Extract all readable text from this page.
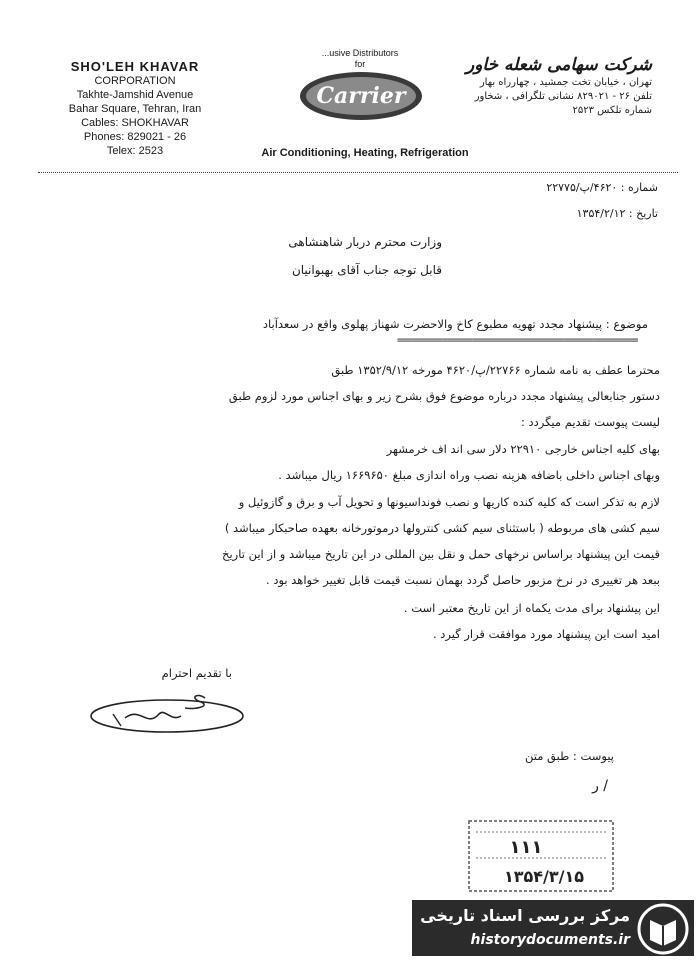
SHO'LEH KHAVAR
CORPORATION
Takhte-Jamshid Avenue
Bahar Square, Tehran, Iran
Cables: SHOKHAVAR
Phones: 829021 - 26
Telex: 2523
...usive Distributors
for
Carrier
Air Conditioning, Heating, Refrigeration
شرکت سهامی شعله خاور
تهران ، خیابان تخت جمشید ، چهارراه بهار
تلفن ۲۶ - ۸۲۹۰۲۱ نشانی تلگرافی ، شخاور
شماره تلکس ۲۵۲۳
شماره : ۴۶۲۰/پ/۲۲۷۷۵
تاریخ : ۱۳۵۴/۲/۱۲
وزارت محترم دربار شاهنشاهی
قابل توجه جناب آقای بهبوانیان
موضوع : پیشنهاد مجدد تهویه مطبوع کاخ والاحضرت شهناز پهلوی واقع در سعدآباد
================================================
محترما عطف به نامه شماره ۲۲۷۶۶/پ/۴۶۲۰ مورخه ۱۳۵۲/۹/۱۲ طبق
دستور جنابعالی پیشنهاد مجدد درباره موضوع فوق بشرح زیر و بهای اجناس مورد لزوم طبق
لیست پیوست تقدیم میگردد :
بهای کلیه اجناس خارجی ۲۲۹۱۰ دلار سی اند اف خرمشهر
وبهای اجناس داخلی باضافه هزینه نصب وراه اندازی مبلغ ۱۶۶۹۶۵۰ ریال میباشد .
لازم به تذکر است که کلیه کنده کاریها و نصب فونداسیونها و تحویل آب و برق و گازوئیل و
سیم کشی های مربوطه ( باستثنای سیم کشی کنترولها درموتورخانه بعهده صاحبکار میباشد )
قیمت این پیشنهاد براساس نرخهای حمل و نقل بین المللی در این تاریخ میباشد و از این تاریخ
ببعد هر تغییری در نرخ مزبور حاصل گردد بهمان نسبت قیمت قابل تغییر خواهد بود .
این پیشنهاد برای مدت یکماه از این تاریخ معتبر است .
امید است این پیشنهاد مورد موافقت قرار گیرد .
با تقدیم احترام
پیوست : طبق متن
/ ر
۱۱۱
۱۳۵۴/۳/۱۵
مرکز بررسی اسناد تاریخی
historydocuments.ir
